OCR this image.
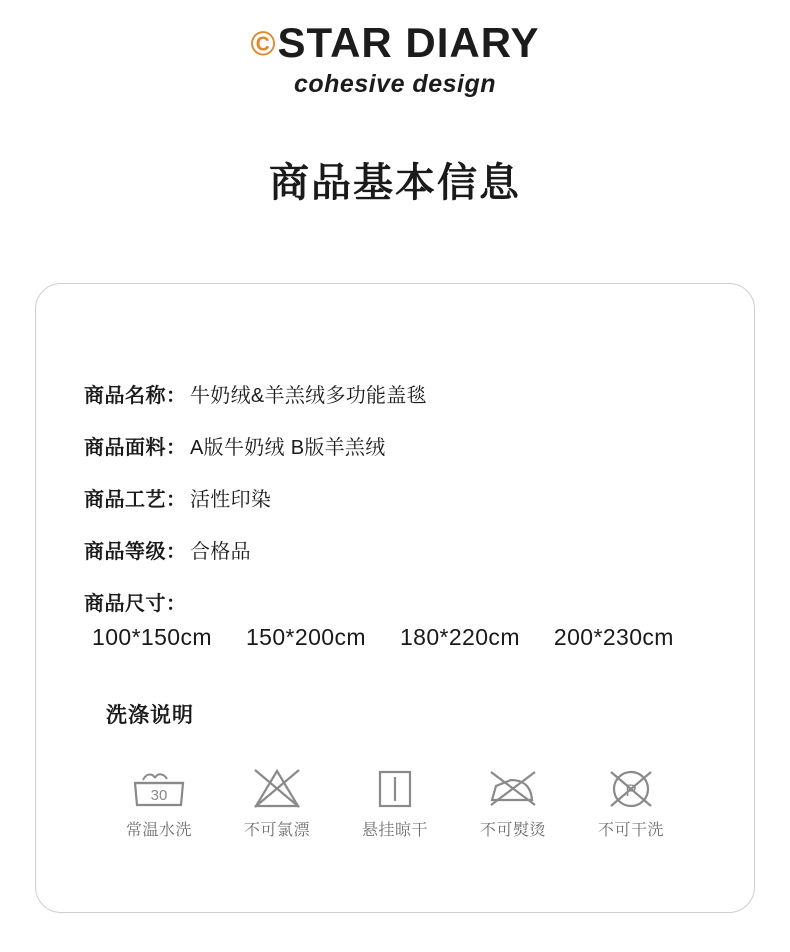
©STAR DIARY
cohesive design
商品基本信息
商品名称 ： 牛奶绒&羊羔绒多功能盖毯
商品面料 ： A版牛奶绒 B版羊羔绒
商品工艺 ： 活性印染
商品等级 ： 合格品
商品尺寸 ：
100*150cm 150*200cm 180*220cm 200*230cm
洗涤说明
30
常温水洗	不可氯漂	悬挂晾干	不可熨烫
P
不可干洗
